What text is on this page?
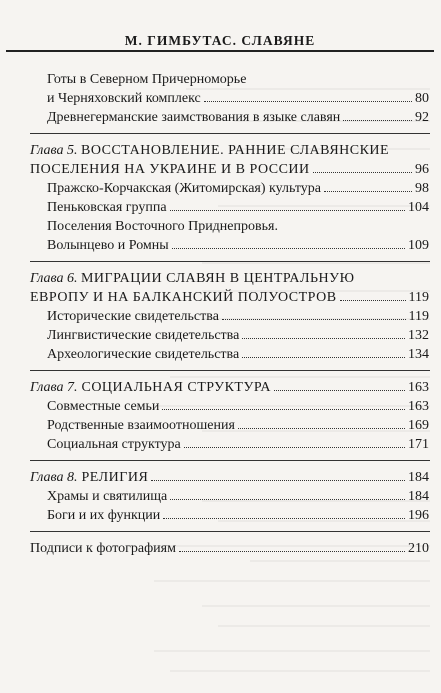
М. ГИМБУТАС. СЛАВЯНЕ
Готы в Северном Причерноморье
и Черняховский комплекс	80
Древнегерманские заимствования в языке славян	92
Глава 5. ВОССТАНОВЛЕНИЕ. РАННИЕ СЛАВЯНСКИЕ
ПОСЕЛЕНИЯ НА УКРАИНЕ И В РОССИИ	96
Пражско-Корчакская (Житомирская) культура	98
Пеньковская группа	104
Поселения Восточного Приднепровья.
Волынцево и Ромны	109
Глава 6. МИГРАЦИИ СЛАВЯН В ЦЕНТРАЛЬНУЮ
ЕВРОПУ И НА БАЛКАНСКИЙ ПОЛУОСТРОВ	119
Исторические свидетельства	119
Лингвистические свидетельства	132
Археологические свидетельства	134
Глава 7. СОЦИАЛЬНАЯ СТРУКТУРА	163
Совместные семьи	163
Родственные взаимоотношения	169
Социальная структура	171
Глава 8. РЕЛИГИЯ	184
Храмы и святилища	184
Боги и их функции	196
Подписи к фотографиям	210
